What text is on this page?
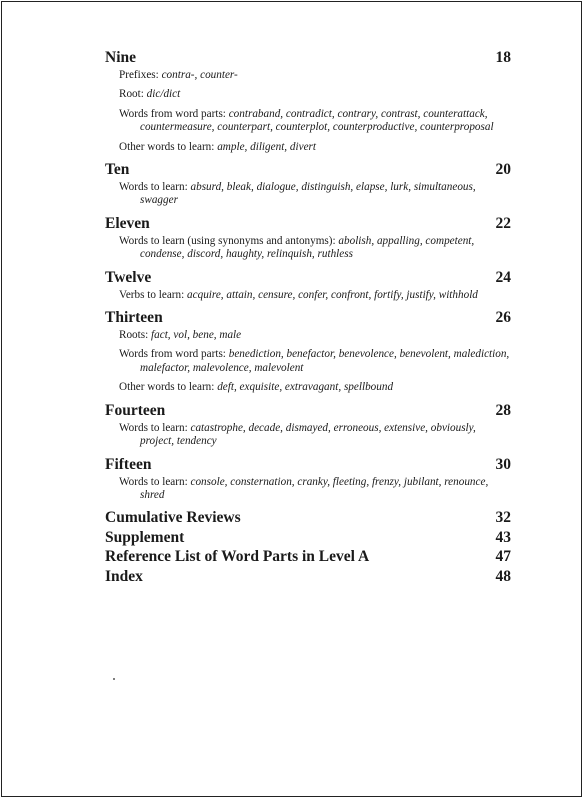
Nine	18
Prefixes: contra-, counter-
Root: dic/dict
Words from word parts: contraband, contradict, contrary, contrast, counterattack, countermeasure, counterpart, counterplot, counterproductive, counterproposal
Other words to learn: ample, diligent, divert
Ten	20
Words to learn: absurd, bleak, dialogue, distinguish, elapse, lurk, simultaneous, swagger
Eleven	22
Words to learn (using synonyms and antonyms): abolish, appalling, competent, condense, discord, haughty, relinquish, ruthless
Twelve	24
Verbs to learn: acquire, attain, censure, confer, confront, fortify, justify, withhold
Thirteen	26
Roots: fact, vol, bene, male
Words from word parts: benediction, benefactor, benevolence, benevolent, malediction, malefactor, malevolence, malevolent
Other words to learn: deft, exquisite, extravagant, spellbound
Fourteen	28
Words to learn: catastrophe, decade, dismayed, erroneous, extensive, obviously, project, tendency
Fifteen	30
Words to learn: console, consternation, cranky, fleeting, frenzy, jubilant, renounce, shred
Cumulative Reviews	32
Supplement	43
Reference List of Word Parts in Level A	47
Index	48
